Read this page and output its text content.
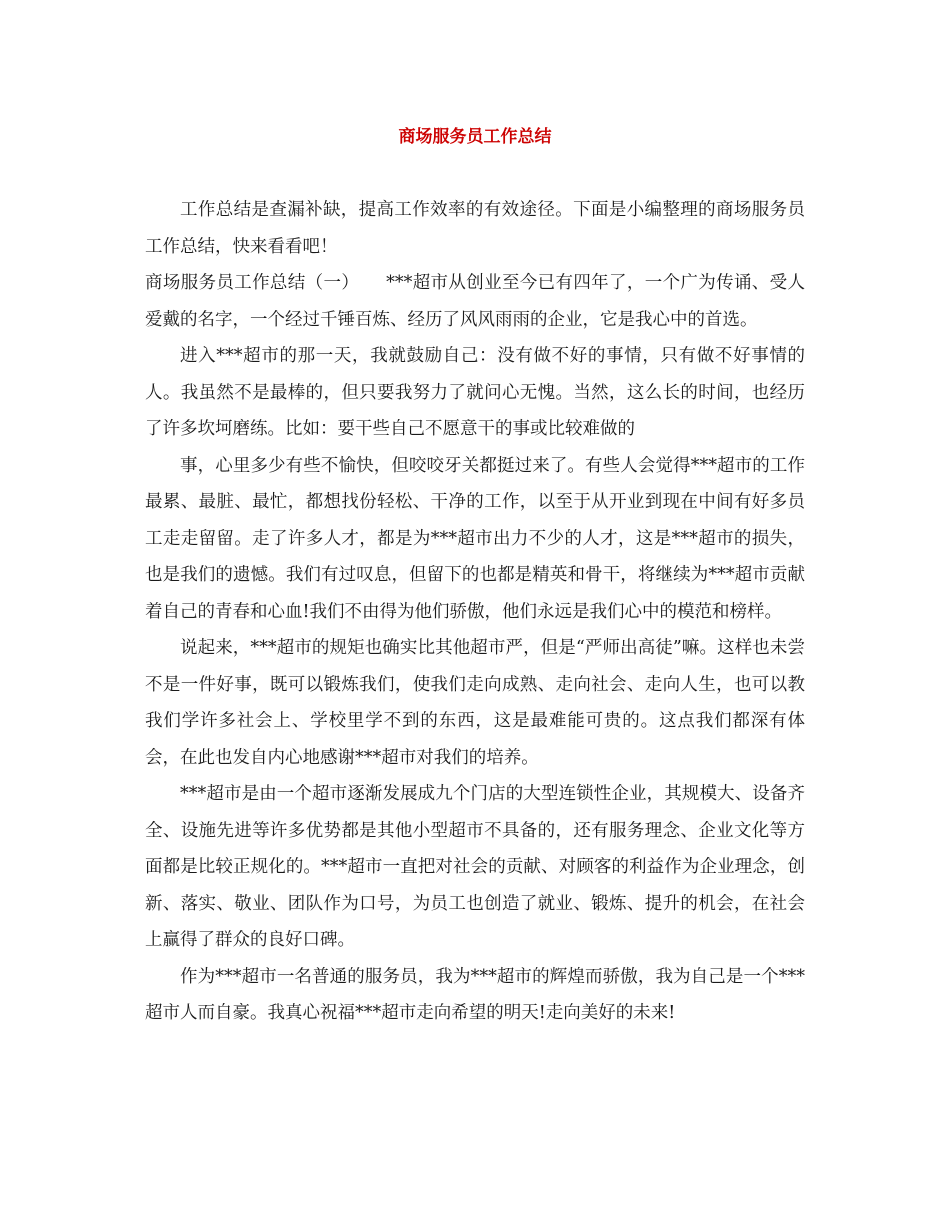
商场服务员工作总结

工作总结是查漏补缺，提高工作效率的有效途径。下面是小编整理的商场服务员工作总结，快来看看吧！

商场服务员工作总结（一）　　***超市从创业至今已有四年了，一个广为传诵、受人爱戴的名字，一个经过千锤百炼、经历了风风雨雨的企业，它是我心中的首选。

进入***超市的那一天，我就鼓励自己：没有做不好的事情，只有做不好事情的人。我虽然不是最棒的，但只要我努力了就问心无愧。当然，这么长的时间，也经历了许多坎坷磨练。比如：要干些自己不愿意干的事或比较难做的

事，心里多少有些不愉快，但咬咬牙关都挺过来了。有些人会觉得***超市的工作最累、最脏、最忙，都想找份轻松、干净的工作，以至于从开业到现在中间有好多员工走走留留。走了许多人才，都是为***超市出力不少的人才，这是***超市的损失，也是我们的遗憾。我们有过叹息，但留下的也都是精英和骨干，将继续为***超市贡献着自己的青春和心血!我们不由得为他们骄傲，他们永远是我们心中的模范和榜样。

说起来，***超市的规矩也确实比其他超市严，但是“严师出高徒”嘛。这样也未尝不是一件好事，既可以锻炼我们，使我们走向成熟、走向社会、走向人生，也可以教我们学许多社会上、学校里学不到的东西，这是最难能可贵的。这点我们都深有体会，在此也发自内心地感谢***超市对我们的培养。

***超市是由一个超市逐渐发展成九个门店的大型连锁性企业，其规模大、设备齐全、设施先进等许多优势都是其他小型超市不具备的，还有服务理念、企业文化等方面都是比较正规化的。***超市一直把对社会的贡献、对顾客的利益作为企业理念，创新、落实、敬业、团队作为口号，为员工也创造了就业、锻炼、提升的机会，在社会上赢得了群众的良好口碑。

作为***超市一名普通的服务员，我为***超市的辉煌而骄傲，我为自己是一个***超市人而自豪。我真心祝福***超市走向希望的明天!走向美好的未来!
